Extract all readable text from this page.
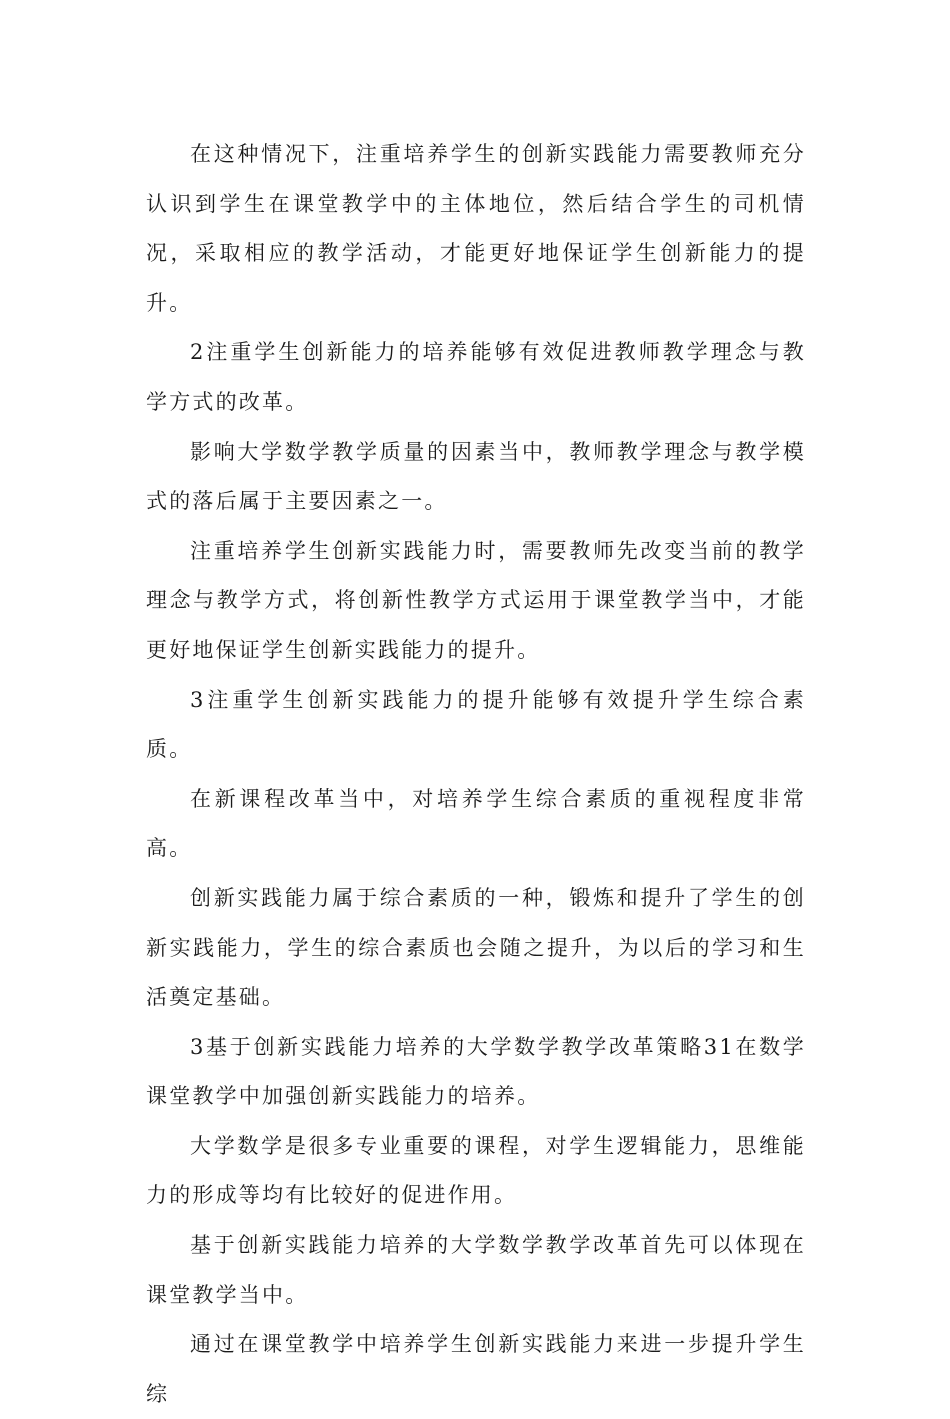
在这种情况下，注重培养学生的创新实践能力需要教师充分认识到学生在课堂教学中的主体地位，然后结合学生的司机情况，采取相应的教学活动，才能更好地保证学生创新能力的提升。

2注重学生创新能力的培养能够有效促进教师教学理念与教学方式的改革。

影响大学数学教学质量的因素当中，教师教学理念与教学模式的落后属于主要因素之一。

注重培养学生创新实践能力时，需要教师先改变当前的教学理念与教学方式，将创新性教学方式运用于课堂教学当中，才能更好地保证学生创新实践能力的提升。

3注重学生创新实践能力的提升能够有效提升学生综合素质。

在新课程改革当中，对培养学生综合素质的重视程度非常高。

创新实践能力属于综合素质的一种，锻炼和提升了学生的创新实践能力，学生的综合素质也会随之提升，为以后的学习和生活奠定基础。

3基于创新实践能力培养的大学数学教学改革策略31在数学课堂教学中加强创新实践能力的培养。

大学数学是很多专业重要的课程，对学生逻辑能力，思维能力的形成等均有比较好的促进作用。

基于创新实践能力培养的大学数学教学改革首先可以体现在课堂教学当中。

通过在课堂教学中培养学生创新实践能力来进一步提升学生综
